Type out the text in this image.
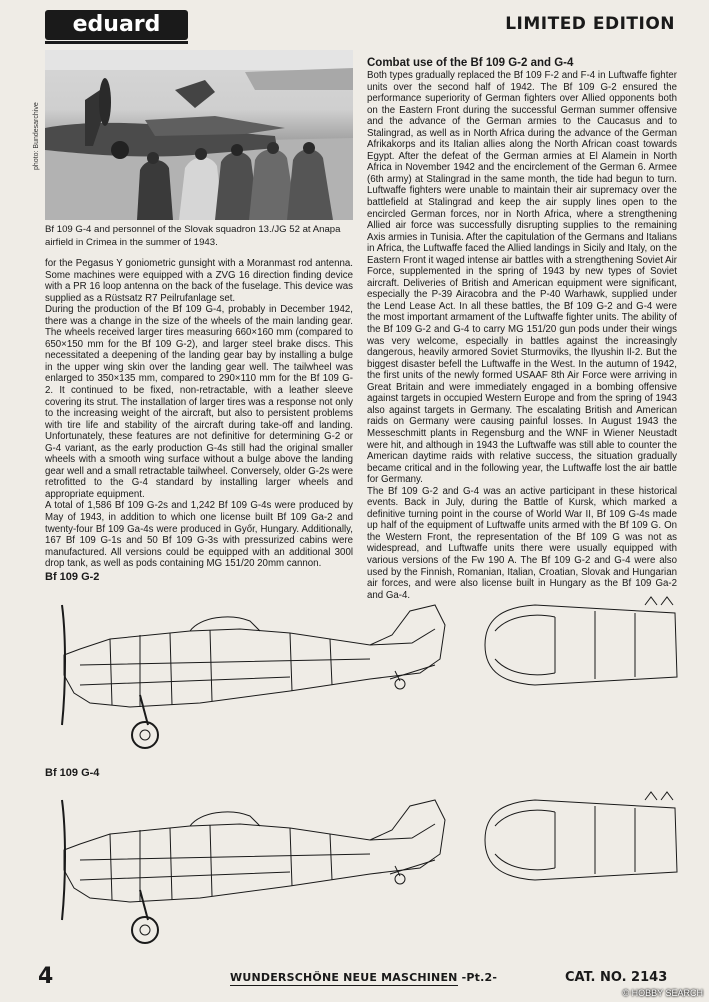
eduard	LIMITED EDITION
photo: Bundesarchive
Bf 109 G-4 and personnel of the Slovak squadron 13./JG 52 at Anapa airfield in Crimea in the summer of 1943.

for the Pegasus Y goniometric gunsight with a Moranmast rod antenna. Some machines were equipped with a ZVG 16 direction finding device with a PR 16 loop antenna on the back of the fuselage. This device was supplied as a Rüstsatz R7 Peilrufanlage set.

During the production of the Bf 109 G-4, probably in December 1942, there was a change in the size of the wheels of the main landing gear. The wheels received larger tires measuring 660×160 mm (compared to 650×150 mm for the Bf 109 G-2), and larger steel brake discs. This necessitated a deepening of the landing gear bay by installing a bulge in the upper wing skin over the landing gear well. The tailwheel was enlarged to 350×135 mm, compared to 290×110 mm for the Bf 109 G-2. It continued to be fixed, non-retractable, with a leather sleeve covering its strut. The installation of larger tires was a response not only to the increasing weight of the aircraft, but also to persistent problems with tire life and stability of the aircraft during take-off and landing. Unfortunately, these features are not definitive for determining G-2 or G-4 variant, as the early production G-4s still had the original smaller wheels with a smooth wing surface without a bulge above the landing gear well and a small retractable tailwheel. Conversely, older G-2s were retrofitted to the G-4 standard by installing larger wheels and appropriate equipment.

A total of 1,586 Bf 109 G-2s and 1,242 Bf 109 G-4s were produced by May of 1943, in addition to which one license built Bf 109 Ga-2 and twenty-four Bf 109 Ga-4s were produced in Győr, Hungary. Additionally, 167 Bf 109 G-1s and 50 Bf 109 G-3s with pressurized cabins were manufactured. All versions could be equipped with an additional 300l drop tank, as well as pods containing MG 151/20 20mm cannon.

Combat use of the Bf 109 G-2 and G-4

Both types gradually replaced the Bf 109 F-2 and F-4 in Luftwaffe fighter units over the second half of 1942. The Bf 109 G-2 ensured the performance superiority of German fighters over Allied opponents both on the Eastern Front during the successful German summer offensive and the advance of the German armies to the Caucasus and to Stalingrad, as well as in North Africa during the advance of the German Afrikakorps and its Italian allies along the North African coast towards Egypt. After the defeat of the German armies at El Alamein in North Africa in November 1942 and the encirclement of the German 6. Armee (6th army) at Stalingrad in the same month, the tide had begun to turn. Luftwaffe fighters were unable to maintain their air supremacy over the battlefield at Stalingrad and keep the air supply lines open to the encircled German forces, nor in North Africa, where a strengthening Allied air force was successfully disrupting supplies to the remaining Axis armies in Tunisia. After the capitulation of the Germans and Italians in Africa, the Luftwaffe faced the Allied landings in Sicily and Italy, on the Eastern Front it waged intense air battles with a strengthening Soviet Air Force, supplemented in the spring of 1943 by new types of Soviet aircraft. Deliveries of British and American equipment were significant, especially the P-39 Airacobra and the P-40 Warhawk, supplied under the Lend Lease Act. In all these battles, the Bf 109 G-2 and G-4 were the most important armament of the Luftwaffe fighter units. The ability of the Bf 109 G-2 and G-4 to carry MG 151/20 gun pods under their wings was very welcome, especially in battles against the increasingly dangerous, heavily armored Soviet Sturmoviks, the Ilyushin Il-2. But the biggest disaster befell the Luftwaffe in the West. In the autumn of 1942, the first units of the newly formed USAAF 8th Air Force were arriving in Great Britain and were immediately engaged in a bombing offensive against targets in occupied Western Europe and from the spring of 1943 also against targets in Germany. The escalating British and American raids on Germany were causing painful losses. In August 1943 the Messeschmitt plants in Regensburg and the WNF in Wiener Neustadt were hit, and although in 1943 the Luftwaffe was still able to counter the American daytime raids with relative success, the situation gradually became critical and in the following year, the Luftwaffe lost the air battle for Germany.

The Bf 109 G-2 and G-4 was an active participant in these historical events. Back in July, during the Battle of Kursk, which marked a definitive turning point in the course of World War II, Bf 109 G-4s made up half of the equipment of Luftwaffe units armed with the Bf 109 G. On the Western Front, the representation of the Bf 109 G was not as widespread, and Luftwaffe units there were usually equipped with various versions of the Fw 190 A. The Bf 109 G-2 and G-4 were also used by the Finnish, Romanian, Italian, Croatian, Slovak and Hungarian air forces, and were also license built in Hungary as the Bf 109 Ga-2 and Ga-4.

Bf 109 G-2
Bf 109 G-4
4	WUNDERSCHÖNE NEUE MASCHINEN -Pt.2-	CAT. NO. 2143
© HOBBY SEARCH
